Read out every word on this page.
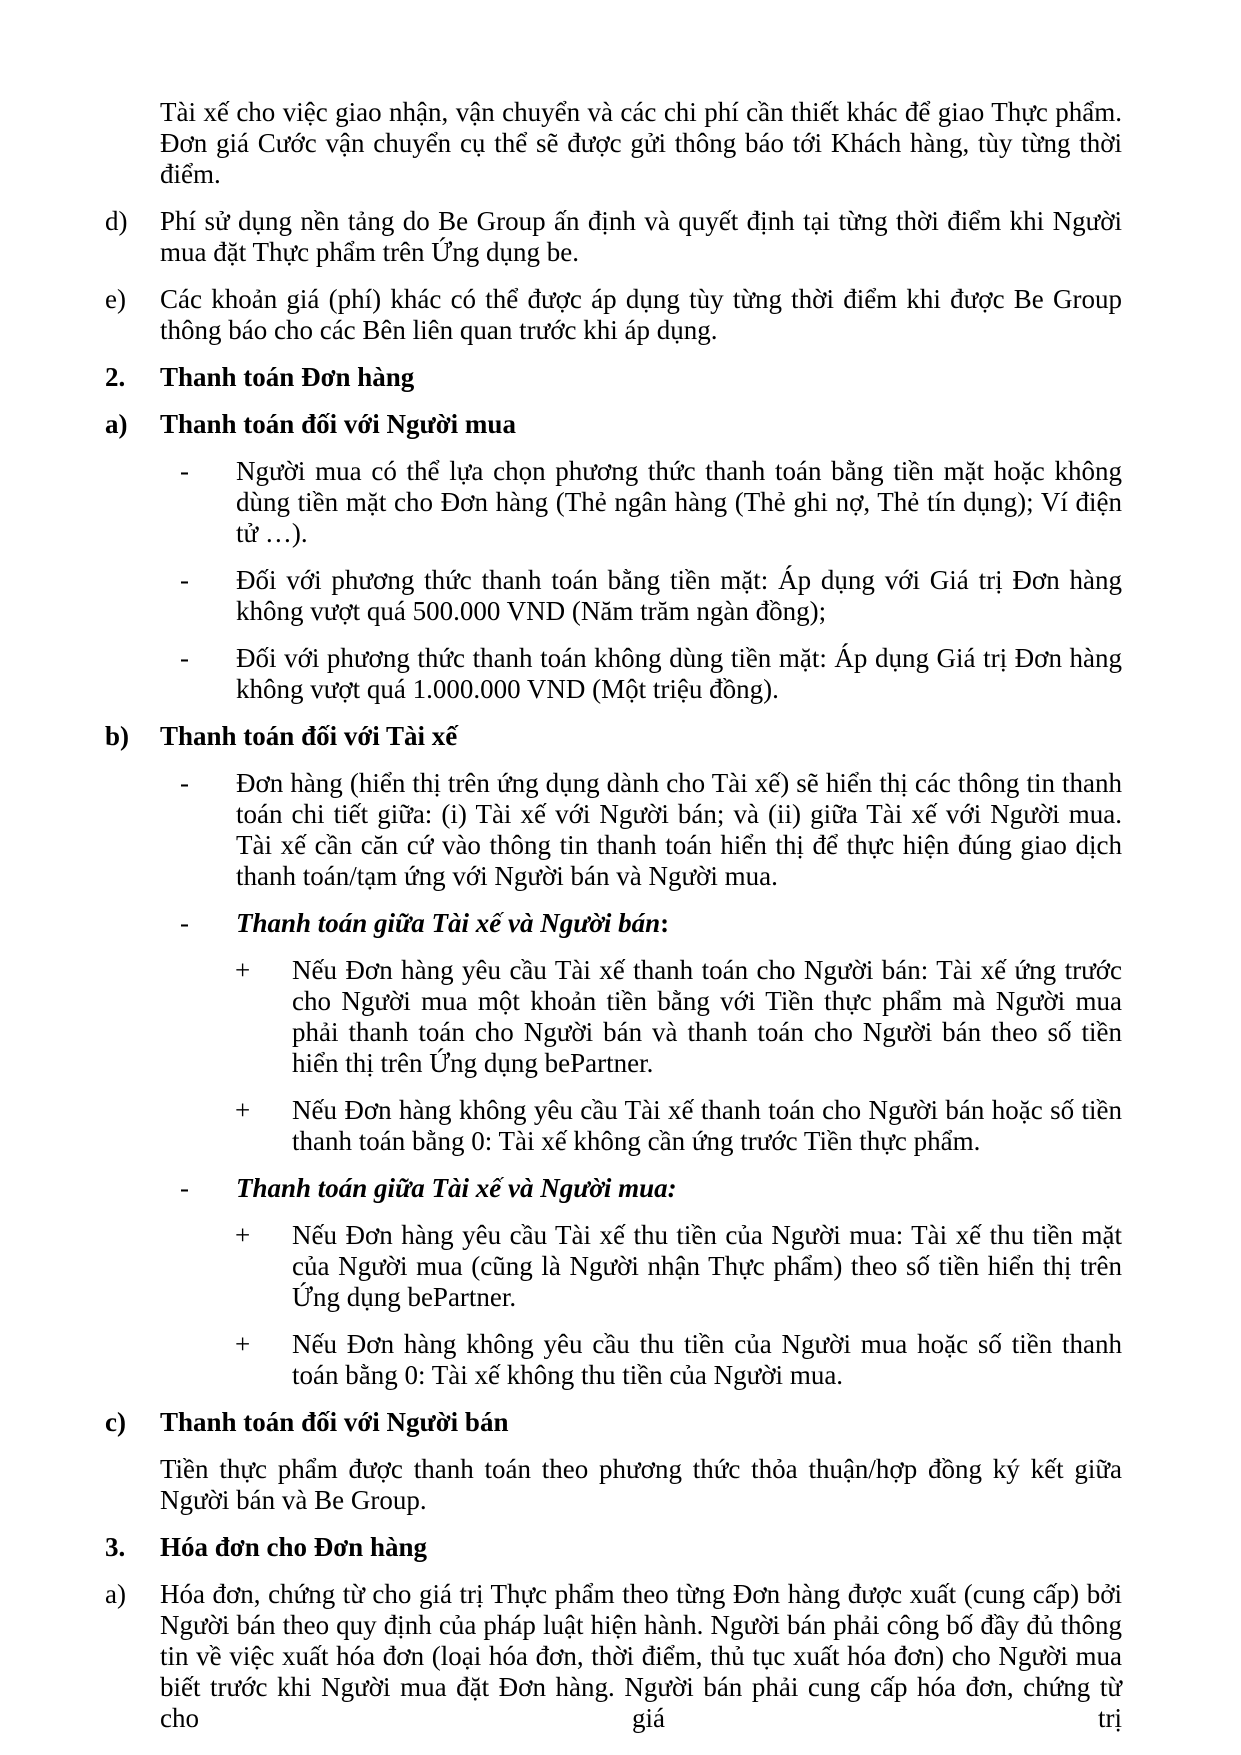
Tài xế cho việc giao nhận, vận chuyển và các chi phí cần thiết khác để giao Thực phẩm. Đơn giá Cước vận chuyển cụ thể sẽ được gửi thông báo tới Khách hàng, tùy từng thời điểm.
d)	Phí sử dụng nền tảng do Be Group ấn định và quyết định tại từng thời điểm khi Người mua đặt Thực phẩm trên Ứng dụng be.
e)	Các khoản giá (phí) khác có thể được áp dụng tùy từng thời điểm khi được Be Group thông báo cho các Bên liên quan trước khi áp dụng.
2.	Thanh toán Đơn hàng
a)	Thanh toán đối với Người mua
-	Người mua có thể lựa chọn phương thức thanh toán bằng tiền mặt hoặc không dùng tiền mặt cho Đơn hàng (Thẻ ngân hàng (Thẻ ghi nợ, Thẻ tín dụng); Ví điện tử …).
-	Đối với phương thức thanh toán bằng tiền mặt: Áp dụng với Giá trị Đơn hàng không vượt quá 500.000 VND (Năm trăm ngàn đồng);
-	Đối với phương thức thanh toán không dùng tiền mặt: Áp dụng Giá trị Đơn hàng không vượt quá 1.000.000 VND (Một triệu đồng).
b)	Thanh toán đối với Tài xế
-	Đơn hàng (hiển thị trên ứng dụng dành cho Tài xế) sẽ hiển thị các thông tin thanh toán chi tiết giữa: (i) Tài xế với Người bán; và (ii) giữa Tài xế với Người mua. Tài xế cần căn cứ vào thông tin thanh toán hiển thị để thực hiện đúng giao dịch thanh toán/tạm ứng với Người bán và Người mua.
-	Thanh toán giữa Tài xế và Người bán:
+	Nếu Đơn hàng yêu cầu Tài xế thanh toán cho Người bán: Tài xế ứng trước cho Người mua một khoản tiền bằng với Tiền thực phẩm mà Người mua phải thanh toán cho Người bán và thanh toán cho Người bán theo số tiền hiển thị trên Ứng dụng bePartner.
+	Nếu Đơn hàng không yêu cầu Tài xế thanh toán cho Người bán hoặc số tiền thanh toán bằng 0: Tài xế không cần ứng trước Tiền thực phẩm.
-	Thanh toán giữa Tài xế và Người mua:
+	Nếu Đơn hàng yêu cầu Tài xế thu tiền của Người mua: Tài xế thu tiền mặt của Người mua (cũng là Người nhận Thực phẩm) theo số tiền hiển thị trên Ứng dụng bePartner.
+	Nếu Đơn hàng không yêu cầu thu tiền của Người mua hoặc số tiền thanh toán bằng 0: Tài xế không thu tiền của Người mua.
c)	Thanh toán đối với Người bán
Tiền thực phẩm được thanh toán theo phương thức thỏa thuận/hợp đồng ký kết giữa Người bán và Be Group.
3.	Hóa đơn cho Đơn hàng
a)	Hóa đơn, chứng từ cho giá trị Thực phẩm theo từng Đơn hàng được xuất (cung cấp) bởi Người bán theo quy định của pháp luật hiện hành. Người bán phải công bố đầy đủ thông tin về việc xuất hóa đơn (loại hóa đơn, thời điểm, thủ tục xuất hóa đơn) cho Người mua biết trước khi Người mua đặt Đơn hàng. Người bán phải cung cấp hóa đơn, chứng từ cho giá trị
